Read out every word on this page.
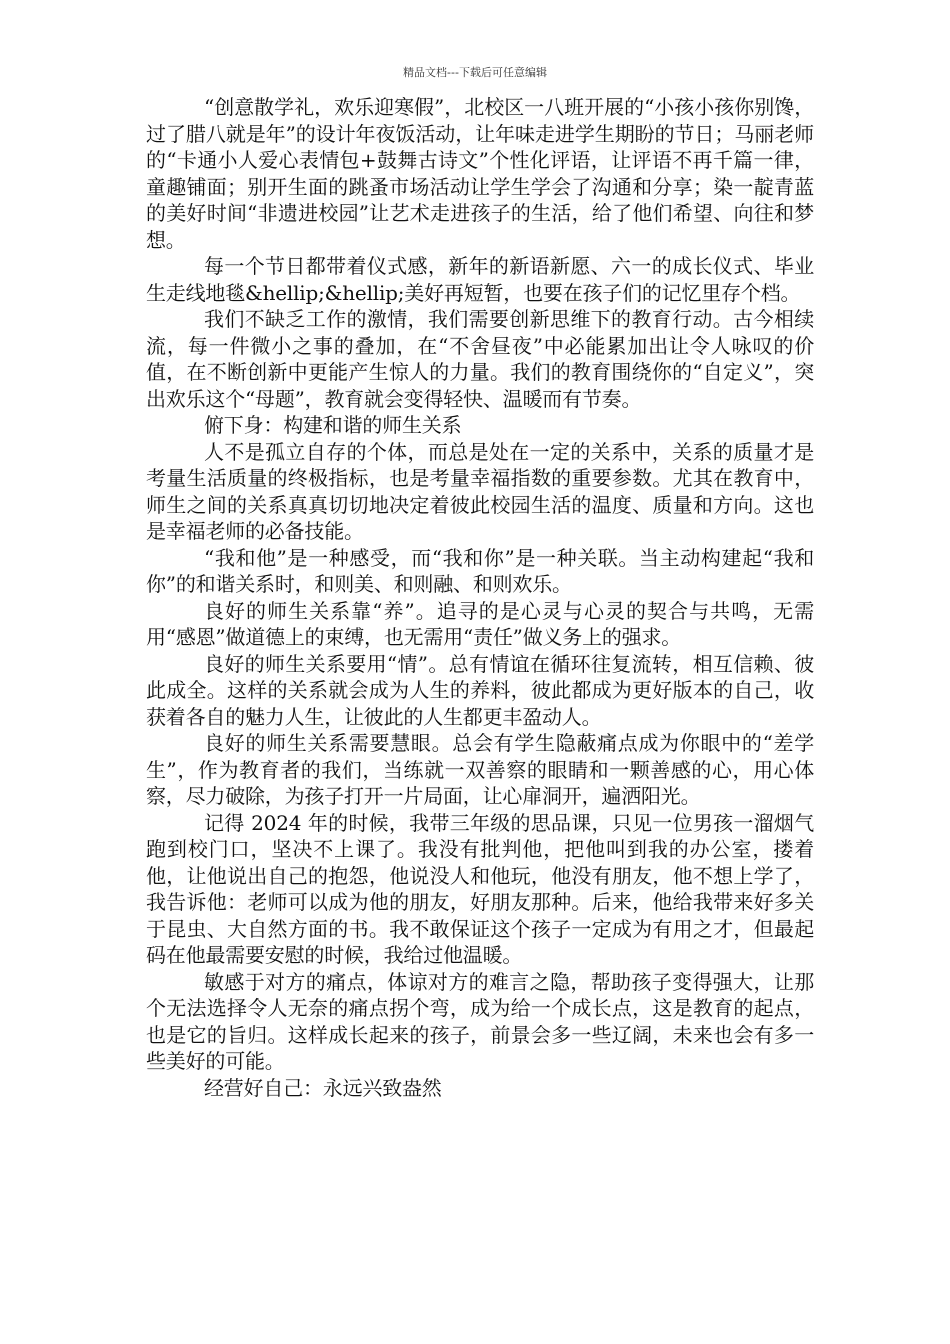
精品文档---下载后可任意编辑

“创意散学礼，欢乐迎寒假”，北校区一八班开展的“小孩小孩你别馋，过了腊八就是年”的设计年夜饭活动，让年味走进学生期盼的节日；马丽老师的“卡通小人爱心表情包+鼓舞古诗文”个性化评语，让评语不再千篇一律，童趣铺面；别开生面的跳蚤市场活动让学生学会了沟通和分享；染一靛青蓝的美好时间“非遗进校园”让艺术走进孩子的生活，给了他们希望、向往和梦想。

每一个节日都带着仪式感，新年的新语新愿、六一的成长仪式、毕业生走线地毯&hellip;&hellip;美好再短暂，也要在孩子们的记忆里存个档。

我们不缺乏工作的激情，我们需要创新思维下的教育行动。古今相续流，每一件微小之事的叠加，在“不舍昼夜”中必能累加出让令人咏叹的价值，在不断创新中更能产生惊人的力量。我们的教育围绕你的“自定义”，突出欢乐这个“母题”，教育就会变得轻快、温暖而有节奏。

俯下身：构建和谐的师生关系

人不是孤立自存的个体，而总是处在一定的关系中，关系的质量才是考量生活质量的终极指标，也是考量幸福指数的重要参数。尤其在教育中，师生之间的关系真真切切地决定着彼此校园生活的温度、质量和方向。这也是幸福老师的必备技能。

“我和他”是一种感受，而“我和你”是一种关联。当主动构建起“我和你”的和谐关系时，和则美、和则融、和则欢乐。

良好的师生关系靠“养”。追寻的是心灵与心灵的契合与共鸣，无需用“感恩”做道德上的束缚，也无需用“责任”做义务上的强求。

良好的师生关系要用“情”。总有情谊在循环往复流转，相互信赖、彼此成全。这样的关系就会成为人生的养料，彼此都成为更好版本的自己，收获着各自的魅力人生，让彼此的人生都更丰盈动人。

良好的师生关系需要慧眼。总会有学生隐蔽痛点成为你眼中的“差学生”，作为教育者的我们，当练就一双善察的眼睛和一颗善感的心，用心体察，尽力破除，为孩子打开一片局面，让心扉洞开，遍洒阳光。

记得 2024 年的时候，我带三年级的思品课，只见一位男孩一溜烟气跑到校门口，坚决不上课了。我没有批判他，把他叫到我的办公室，搂着他，让他说出自己的抱怨，他说没人和他玩，他没有朋友，他不想上学了，我告诉他：老师可以成为他的朋友，好朋友那种。后来，他给我带来好多关于昆虫、大自然方面的书。我不敢保证这个孩子一定成为有用之才，但最起码在他最需要安慰的时候，我给过他温暖。

敏感于对方的痛点，体谅对方的难言之隐，帮助孩子变得强大，让那个无法选择令人无奈的痛点拐个弯，成为给一个成长点，这是教育的起点，也是它的旨归。这样成长起来的孩子，前景会多一些辽阔，未来也会有多一些美好的可能。

经营好自己：永远兴致盎然
